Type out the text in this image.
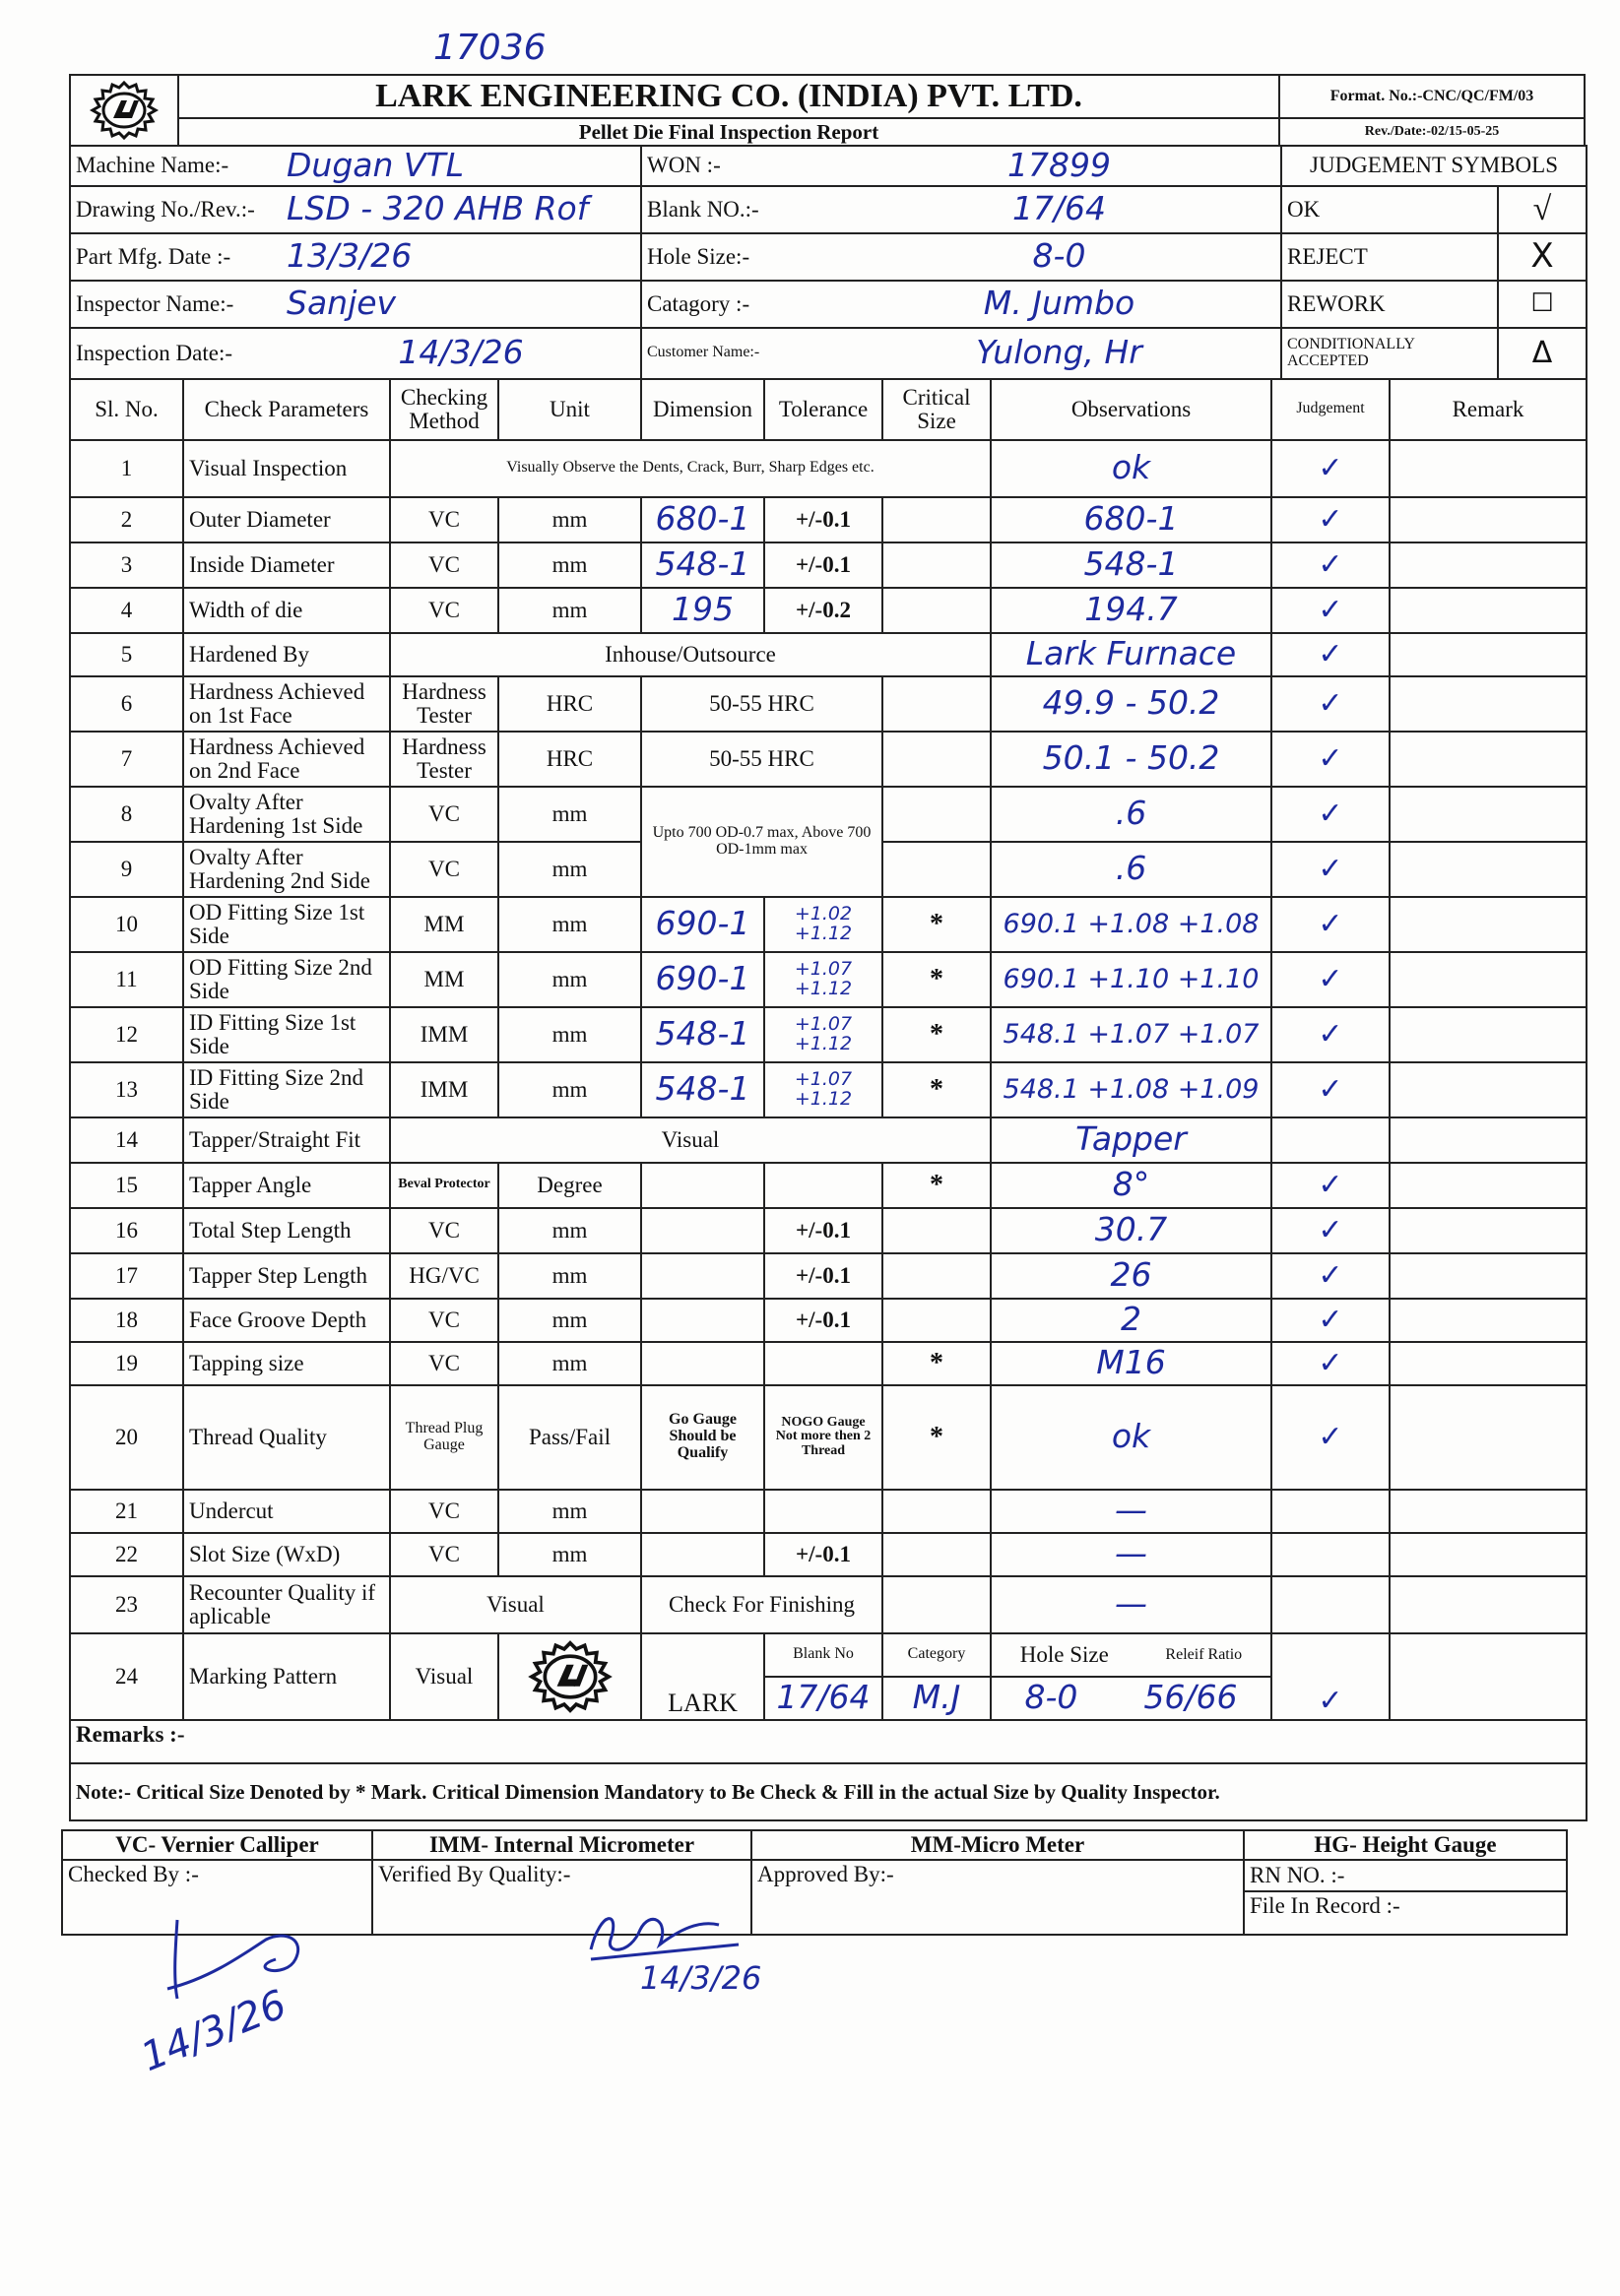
17036
	LARK ENGINEERING CO. (INDIA) PVT. LTD.	Format. No.:-CNC/QC/FM/03
	Pellet Die Final Inspection Report	Rev./Date:-02/15-05-25
Machine Name:-	Dugan VTL	WON :-	17899	JUDGEMENT SYMBOLS	
Drawing No./Rev.:-	LSD - 320 AHB Rof	Blank NO.:-	17/64	OK	√
Part Mfg. Date :-	13/3/26	Hole Size:-	8-0	REJECT	X
Inspector Name:-	Sanjev	Catagory :-	M. Jumbo	REWORK	☐
Inspection Date:-	14/3/26	Customer Name:-	Yulong, Hr	CONDITIONALLY ACCEPTED	Δ
Sl. No.	Check Parameters	Checking Method	Unit	Dimension	Tolerance	Critical Size	Observations	Judgement	Remark
1	Visual Inspection	Visually Observe the Dents, Crack, Burr, Sharp Edges etc.					ok	✓	
2	Outer Diameter	VC	mm	680-1	+/-0.1		680-1	✓	
3	Inside Diameter	VC	mm	548-1	+/-0.1		548-1	✓	
4	Width of die	VC	mm	195	+/-0.2		194.7	✓	
5	Hardened By	Inhouse/Outsource					Lark Furnace	✓	
6	Hardness Achieved on 1st Face	Hardness Tester	HRC	50-55 HRC			49.9 - 50.2	✓	
7	Hardness Achieved on 2nd Face	Hardness Tester	HRC	50-55 HRC			50.1 - 50.2	✓	
8	Ovalty After Hardening 1st Side	VC	mm	Upto 700 OD-0.7 max, Above 700 OD-1mm max			.6	✓	
9	Ovalty After Hardening 2nd Side	VC	mm				.6	✓	
10	OD Fitting Size 1st Side	MM	mm	690-1	+1.02 +1.12	*	690.1 +1.08 +1.08	✓	
11	OD Fitting Size 2nd Side	MM	mm	690-1	+1.07 +1.12	*	690.1 +1.10 +1.10	✓	
12	ID Fitting Size 1st Side	IMM	mm	548-1	+1.07 +1.12	*	548.1 +1.07 +1.07	✓	
13	ID Fitting Size 2nd Side	IMM	mm	548-1	+1.07 +1.12	*	548.1 +1.08 +1.09	✓	
14	Tapper/Straight Fit	Visual					Tapper		
15	Tapper Angle	Beval Protector	Degree			*	8°	✓	
16	Total Step Length	VC	mm		+/-0.1		30.7	✓	
17	Tapper Step Length	HG/VC	mm		+/-0.1		26	✓	
18	Face Groove Depth	VC	mm		+/-0.1		2	✓	
19	Tapping size	VC	mm			*	M16	✓	
20	Thread Quality	Thread Plug Gauge	Pass/Fail	Go Gauge Should be Qualify	NOGO Gauge Not more then 2 Thread	*	ok	✓	
21	Undercut	VC	mm				—		
22	Slot Size (WxD)	VC	mm		+/-0.1		—		
23	Recounter Quality if aplicable	Visual		Check For Finishing			—		
24	Marking Pattern	Visual		LARK	Blank No	Category	Hole Size Releif Ratio	✓	
					17/64	M.J	8-0 56/66		

Remarks :-									
Note:- Critical Size Denoted by * Mark. Critical Dimension Mandatory to Be Check & Fill in the actual Size by Quality Inspector.									
VC- Vernier Calliper	IMM- Internal Micrometer	MM-Micro Meter	HG- Height Gauge
Checked By :-	Verified By Quality:-	Approved By:-	RN NO. :-
			File In Record :-
14/3/26
14/3/26
